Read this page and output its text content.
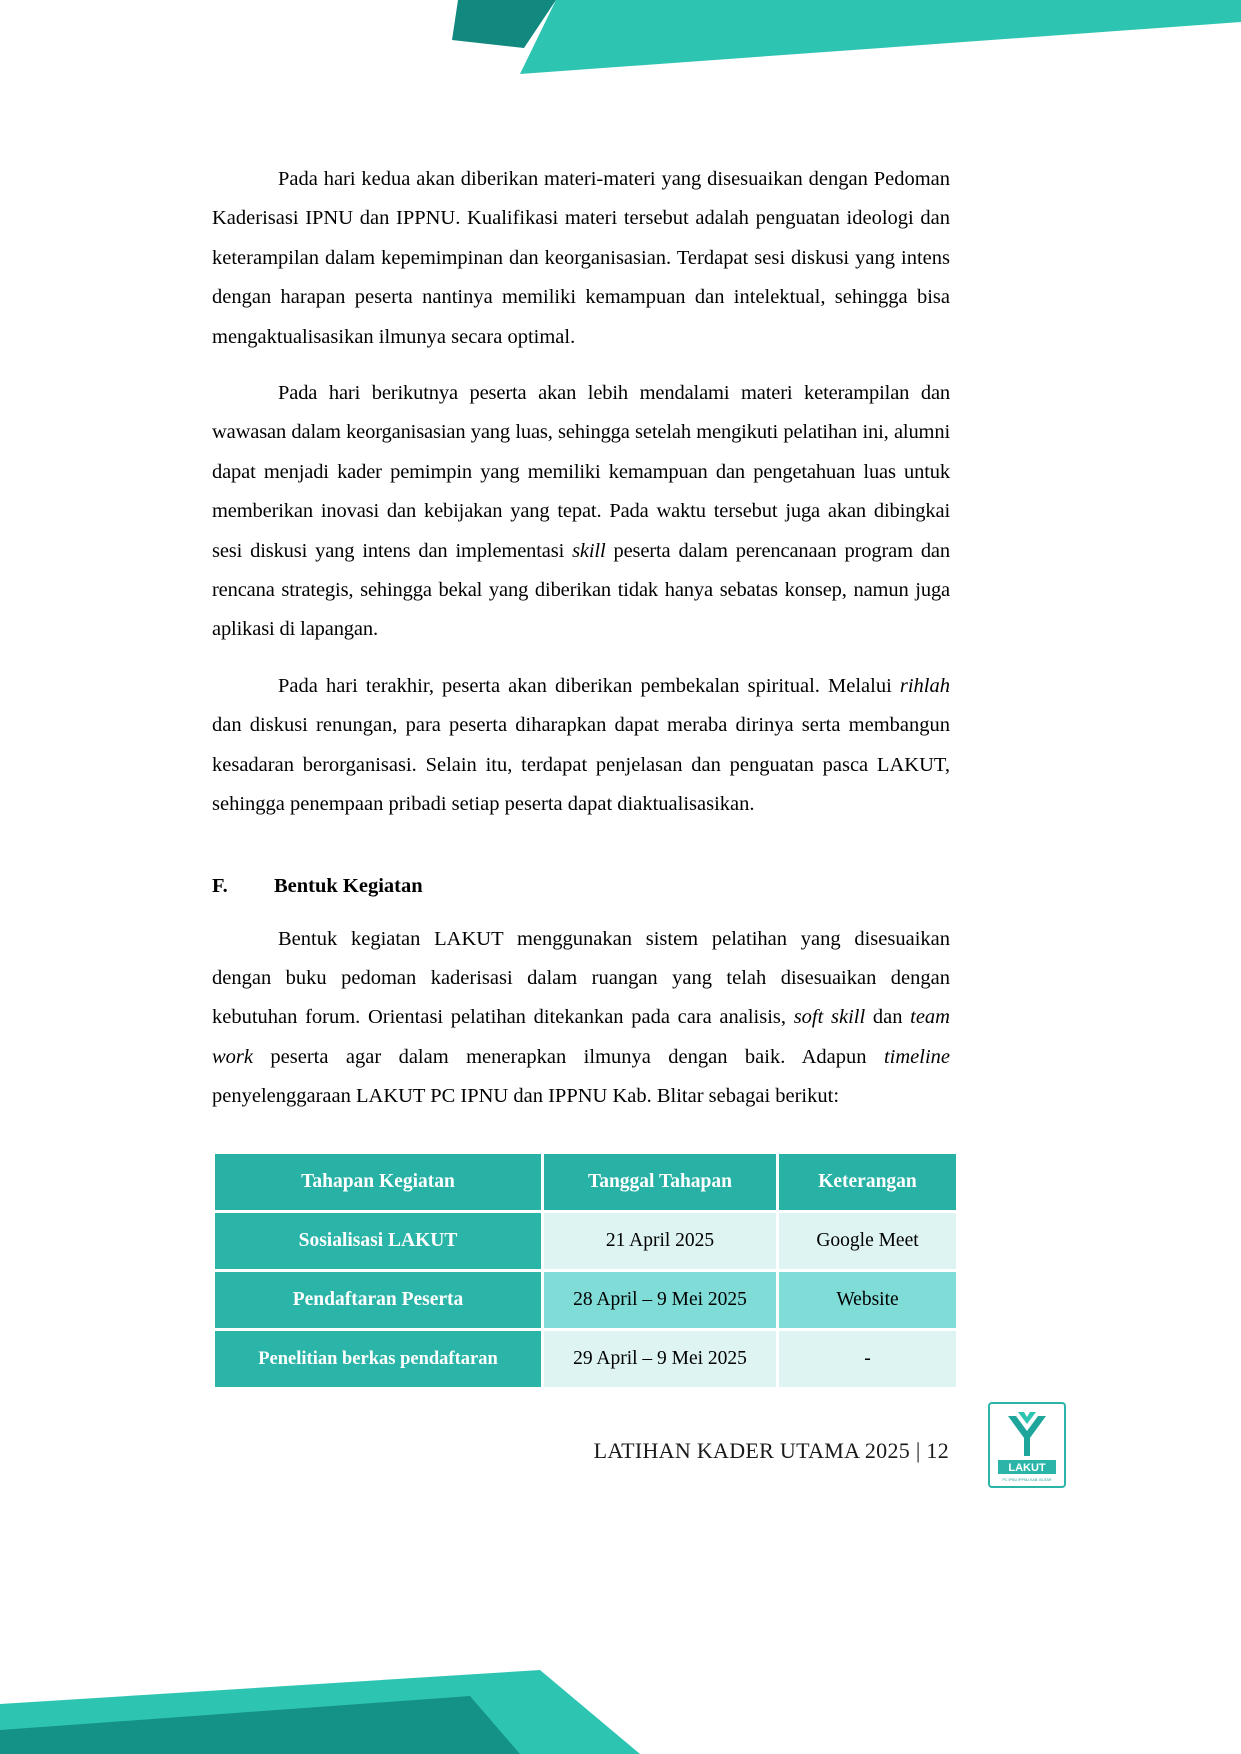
Pada hari kedua akan diberikan materi-materi yang disesuaikan dengan Pedoman Kaderisasi IPNU dan IPPNU. Kualifikasi materi tersebut adalah penguatan ideologi dan keterampilan dalam kepemimpinan dan keorganisasian. Terdapat sesi diskusi yang intens dengan harapan peserta nantinya memiliki kemampuan dan intelektual, sehingga bisa mengaktualisasikan ilmunya secara optimal.

Pada hari berikutnya peserta akan lebih mendalami materi keterampilan dan wawasan dalam keorganisasian yang luas, sehingga setelah mengikuti pelatihan ini, alumni dapat menjadi kader pemimpin yang memiliki kemampuan dan pengetahuan luas untuk memberikan inovasi dan kebijakan yang tepat. Pada waktu tersebut juga akan dibingkai sesi diskusi yang intens dan implementasi skill peserta dalam perencanaan program dan rencana strategis, sehingga bekal yang diberikan tidak hanya sebatas konsep, namun juga aplikasi di lapangan.

Pada hari terakhir, peserta akan diberikan pembekalan spiritual. Melalui rihlah dan diskusi renungan, para peserta diharapkan dapat meraba dirinya serta membangun kesadaran berorganisasi. Selain itu, terdapat penjelasan dan penguatan pasca LAKUT, sehingga penempaan pribadi setiap peserta dapat diaktualisasikan.

F.	Bentuk Kegiatan

Bentuk kegiatan LAKUT menggunakan sistem pelatihan yang disesuaikan dengan buku pedoman kaderisasi dalam ruangan yang telah disesuaikan dengan kebutuhan forum. Orientasi pelatihan ditekankan pada cara analisis, soft skill dan team work peserta agar dalam menerapkan ilmunya dengan baik. Adapun timeline penyelenggaraan LAKUT PC IPNU dan IPPNU Kab. Blitar sebagai berikut:

Tahapan Kegiatan	Tanggal Tahapan	Keterangan
Sosialisasi LAKUT	21 April 2025	Google Meet
Pendaftaran Peserta	28 April – 9 Mei 2025	Website
Penelitian berkas pendaftaran	29 April – 9 Mei 2025	-
LATIHAN KADER UTAMA 2025 | 12
LAKUT
PC IPNU IPPNU KAB. BLITAR
